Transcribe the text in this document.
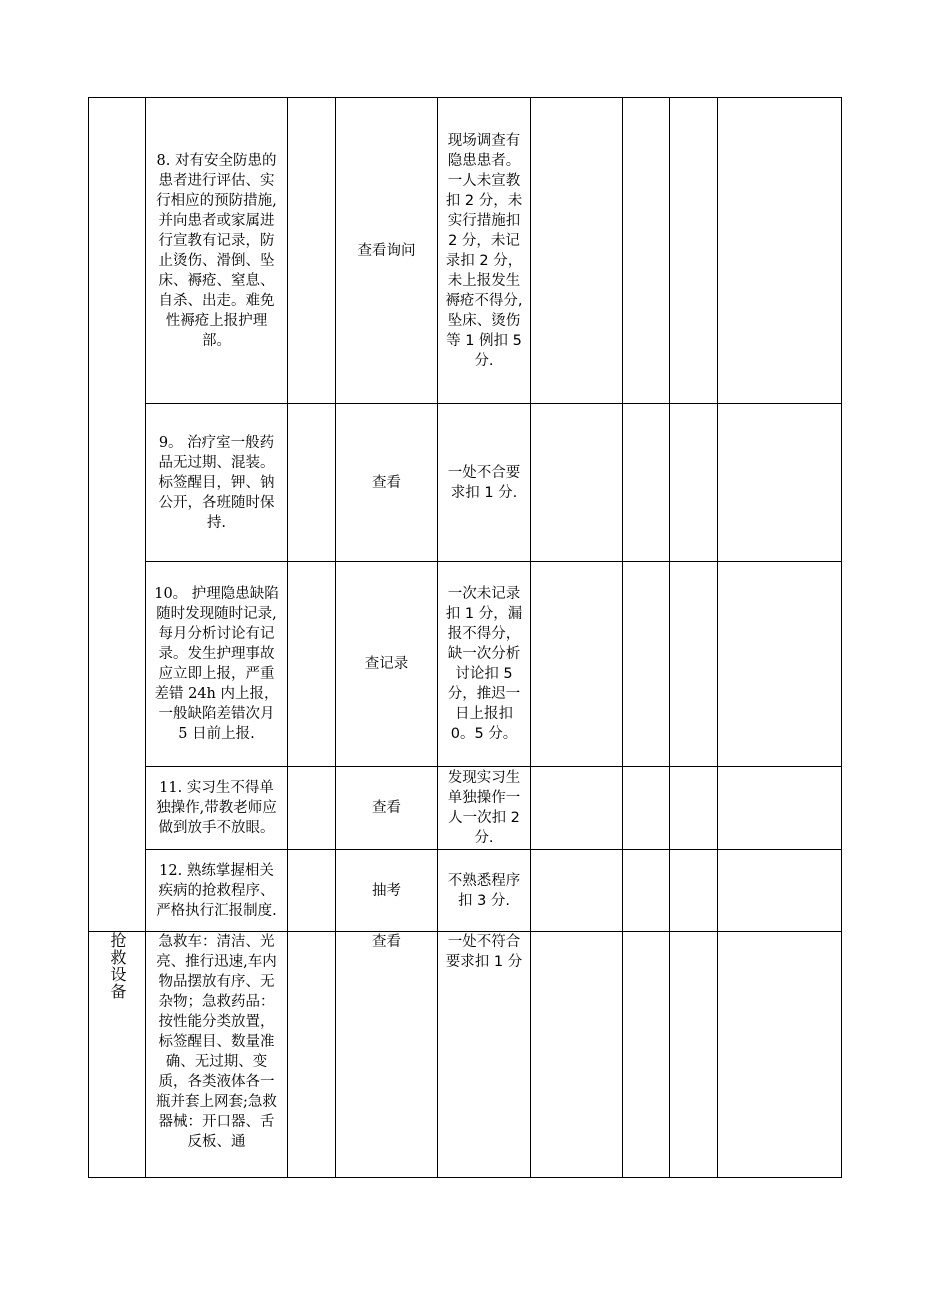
	8. 对有安全防患的患者进行评估、实行相应的预防措施,并向患者或家属进行宣教有记录，防止烫伤、滑倒、坠床、褥疮、窒息、自杀、出走。难免性褥疮上报护理部。		查看询问	现场调查有隐患患者。一人未宣教扣 2 分，未实行措施扣 2 分，未记录扣 2 分，未上报发生褥疮不得分,坠床、烫伤等 1 例扣 5 分.				
	9。 治疗室一般药品无过期、混装。标签醒目，钾、钠公开，各班随时保持.		查看	一处不合要求扣 1 分.				
	10。 护理隐患缺陷随时发现随时记录,每月分析讨论有记录。发生护理事故应立即上报，严重差错 24h 内上报，一般缺陷差错次月 5 日前上报.		查记录	一次未记录扣 1 分，漏报不得分，缺一次分析讨论扣 5 分，推迟一日上报扣 0。5 分。				
	11. 实习生不得单独操作,带教老师应做到放手不放眼。		查看	发现实习生单独操作一人一次扣 2 分.				
	12. 熟练掌握相关疾病的抢救程序、严格执行汇报制度.		抽考	不熟悉程序扣 3 分.				
抢救设备	急救车：清洁、光亮、推行迅速,车内物品摆放有序、无杂物；急救药品：按性能分类放置，标签醒目、数量准确、无过期、变质，各类液体各一瓶并套上网套;急救器械：开口器、舌反板、通		查看	一处不符合要求扣 1 分				
